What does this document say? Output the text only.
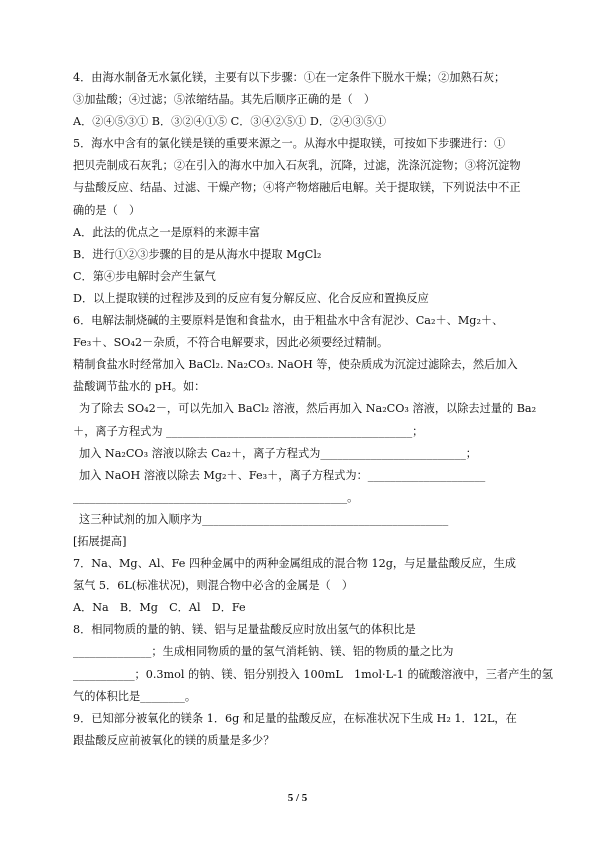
4．由海水制备无水氯化镁，主要有以下步骤：①在一定条件下脱水干燥；②加熟石灰；
③加盐酸；④过滤；⑤浓缩结晶。其先后顺序正确的是（　）
A．②④⑤③① B．③②④①⑤ C．③④②⑤① D．②④③⑤①
5．海水中含有的氯化镁是镁的重要来源之一。从海水中提取镁，可按如下步骤进行：①
把贝壳制成石灰乳；②在引入的海水中加入石灰乳，沉降，过滤，洗涤沉淀物；③将沉淀物
与盐酸反应、结晶、过滤、干燥产物；④将产物熔融后电解。关于提取镁，下列说法中不正
确的是（　）
A．此法的优点之一是原料的来源丰富
B．进行①②③步骤的目的是从海水中提取 MgCl₂
C．第④步电解时会产生氯气
D．以上提取镁的过程涉及到的反应有复分解反应、化合反应和置换反应
6．电解法制烧碱的主要原料是饱和食盐水，由于粗盐水中含有泥沙、Ca₂＋、Mg₂＋、
Fe₃＋、SO₄2－杂质，不符合电解要求，因此必须要经过精制。
精制食盐水时经常加入 BaCl₂. Na₂CO₃. NaOH 等，使杂质成为沉淀过滤除去，然后加入
盐酸调节盐水的 pH。如：
为了除去 SO₄2－，可以先加入 BaCl₂ 溶液，然后再加入 Na₂CO₃ 溶液，以除去过量的 Ba₂
＋，离子方程式为 ____________________________________________；
加入 Na₂CO₃ 溶液以除去 Ca₂＋，离子方程式为__________________________；
加入 NaOH 溶液以除去 Mg₂＋、Fe₃＋，离子方程式为：_____________________
_________________________________________________。
这三种试剂的加入顺序为____________________________________________
[拓展提高]
7．Na、Mg、Al、Fe 四种金属中的两种金属组成的混合物 12g，与足量盐酸反应，生成
氢气 5．6L(标准状况)，则混合物中必含的金属是（　）
A．Na　B．Mg　C．Al　D．Fe
8．相同物质的量的钠、镁、铝与足量盐酸反应时放出氢气的体积比是
______________；生成相同物质的量的氢气消耗钠、镁、铝的物质的量之比为
___________；0.3mol 的钠、镁、铝分别投入 100mL　1mol·L-1 的硫酸溶液中，三者产生的氢
气的体积比是________。
9．已知部分被氧化的镁条 1．6g 和足量的盐酸反应，在标准状况下生成 H₂ 1．12L，在
跟盐酸反应前被氧化的镁的质量是多少？
5 / 5
